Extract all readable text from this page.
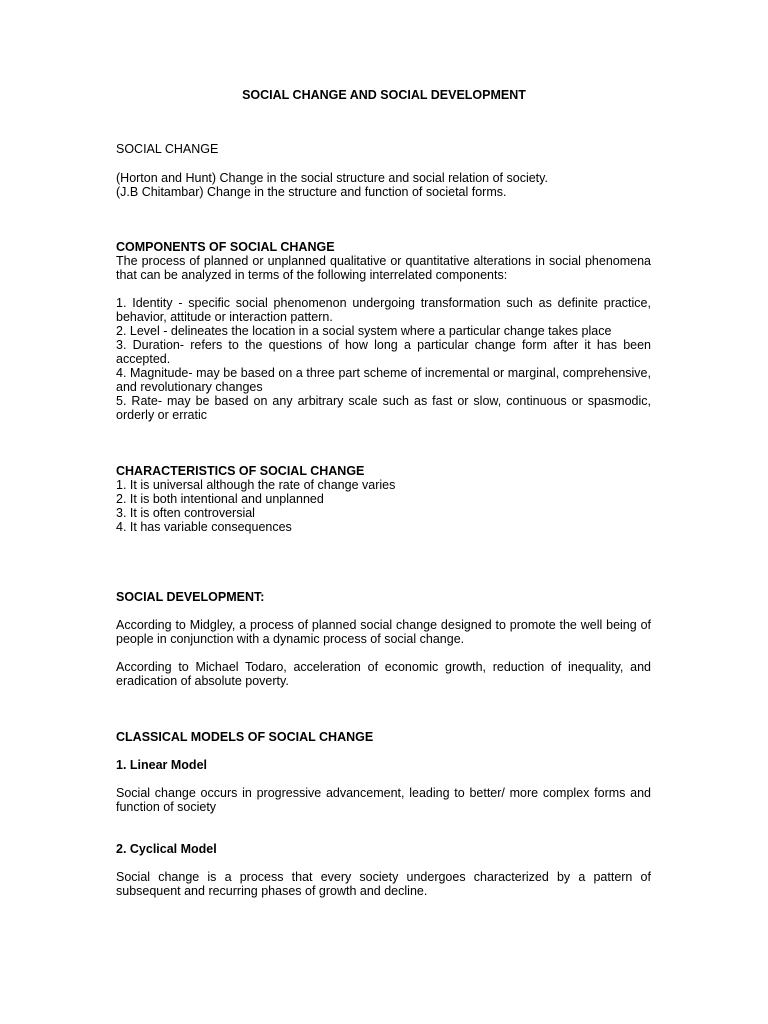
SOCIAL CHANGE AND SOCIAL DEVELOPMENT
SOCIAL CHANGE
(Horton and Hunt) Change in the social structure and social relation of society.
(J.B Chitambar) Change in the structure and function of societal forms.
COMPONENTS OF SOCIAL CHANGE
The process of planned or unplanned qualitative or quantitative alterations in social phenomena that can be analyzed in terms of the following interrelated components:
1. Identity - specific social phenomenon undergoing transformation such as definite practice, behavior, attitude or interaction pattern.
2. Level - delineates the location in a social system where a particular change takes place
3. Duration- refers to the questions of how long a particular change form after it has been accepted.
4. Magnitude- may be based on a three part scheme of incremental or marginal, comprehensive, and revolutionary changes
5. Rate- may be based on any arbitrary scale such as fast or slow, continuous or spasmodic, orderly or erratic
CHARACTERISTICS OF SOCIAL CHANGE
1. It is universal although the rate of change varies
2. It is both intentional and unplanned
3. It is often controversial
4. It has variable consequences
SOCIAL DEVELOPMENT:
According to Midgley, a process of planned social change designed to promote the well being of people in conjunction with a dynamic process of social change.
According to Michael Todaro, acceleration of economic growth, reduction of inequality, and eradication of absolute poverty.
CLASSICAL MODELS OF SOCIAL CHANGE
1. Linear Model
Social change occurs in progressive advancement, leading to better/ more complex forms and function of society
2. Cyclical Model
Social change is a process that every society undergoes characterized by a pattern of subsequent and recurring phases of growth and decline.
